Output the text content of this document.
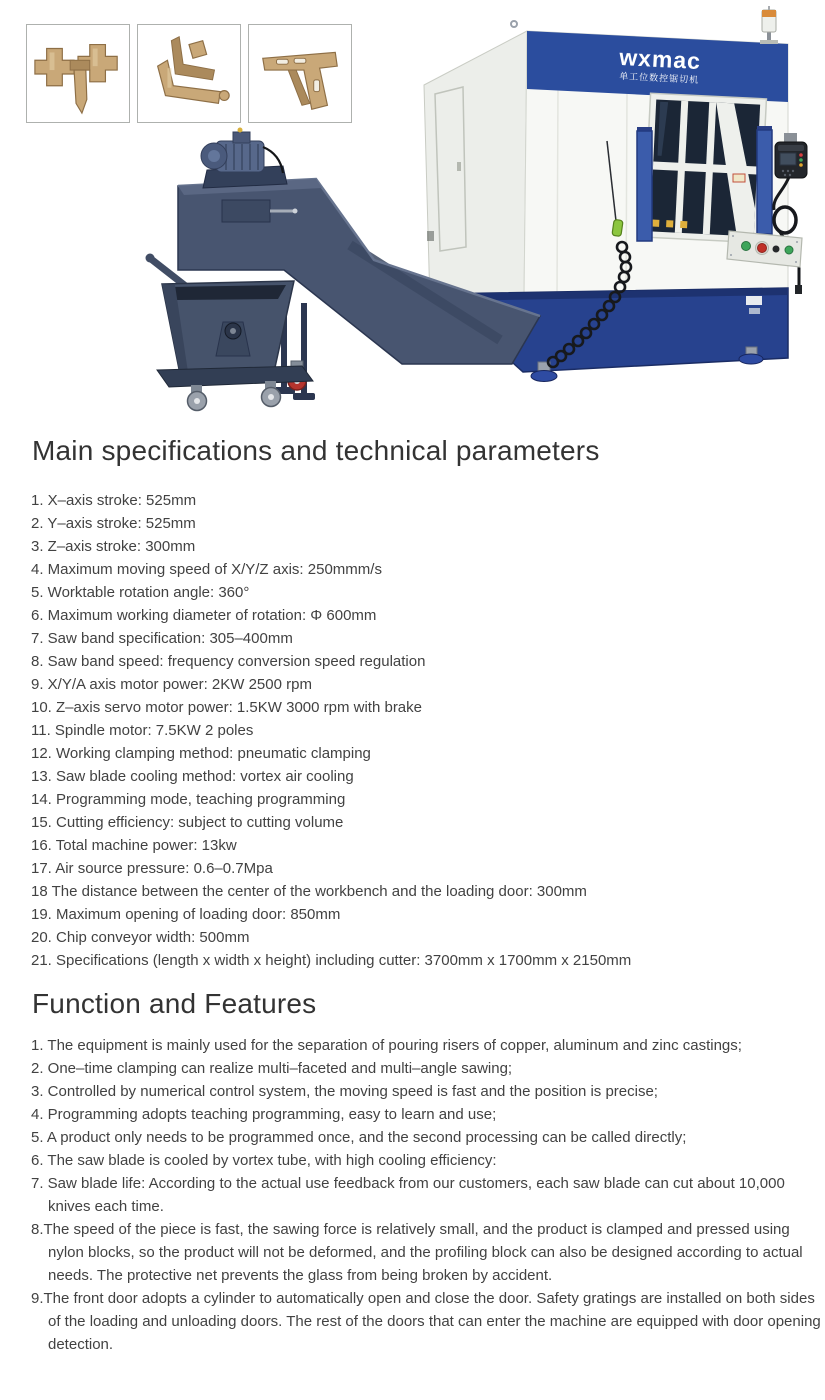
wxmac
单工位数控锯切机
Main specifications and technical parameters

1. X–axis stroke: 525mm

2. Y–axis stroke: 525mm

3. Z–axis stroke: 300mm

4. Maximum moving speed of X/Y/Z axis: 250mmm/s

5. Worktable rotation angle: 360°

6. Maximum working diameter of rotation: Φ 600mm

7. Saw band specification: 305–400mm

8. Saw band speed: frequency conversion speed regulation

9. X/Y/A axis motor power: 2KW 2500 rpm

10. Z–axis servo motor power: 1.5KW 3000 rpm with brake

11. Spindle motor: 7.5KW 2 poles

12. Working clamping method: pneumatic clamping

13. Saw blade cooling method: vortex air cooling

14. Programming mode, teaching programming

15. Cutting efficiency: subject to cutting volume

16. Total machine power: 13kw

17. Air source pressure: 0.6–0.7Mpa

18 The distance between the center of the workbench and the loading door: 300mm

19. Maximum opening of loading door: 850mm

20. Chip conveyor width: 500mm

21. Specifications (length x width x height) including cutter: 3700mm x 1700mm x 2150mm

Function and Features

1. The equipment is mainly used for the separation of pouring risers of copper, aluminum and zinc castings;

2. One–time clamping can realize multi–faceted and multi–angle sawing;

3. Controlled by numerical control system, the moving speed is fast and the position is precise;

4. Programming adopts teaching programming, easy to learn and use;

5. A product only needs to be programmed once, and the second processing can be called directly;

6. The saw blade is cooled by vortex tube, with high cooling efficiency:

7. Saw blade life: According to the actual use feedback from our customers, each saw blade can cut about 10,000 knives each time.

8.The speed of the piece is fast, the sawing force is relatively small, and the product is clamped and pressed using nylon blocks, so the product will not be deformed, and the profiling block can also be designed according to actual needs. The protective net prevents the glass from being broken by accident.

9.The front door adopts a cylinder to automatically open and close the door. Safety gratings are installed on both sides of the loading and unloading doors. The rest of the doors that can enter the machine are equipped with door opening detection.
